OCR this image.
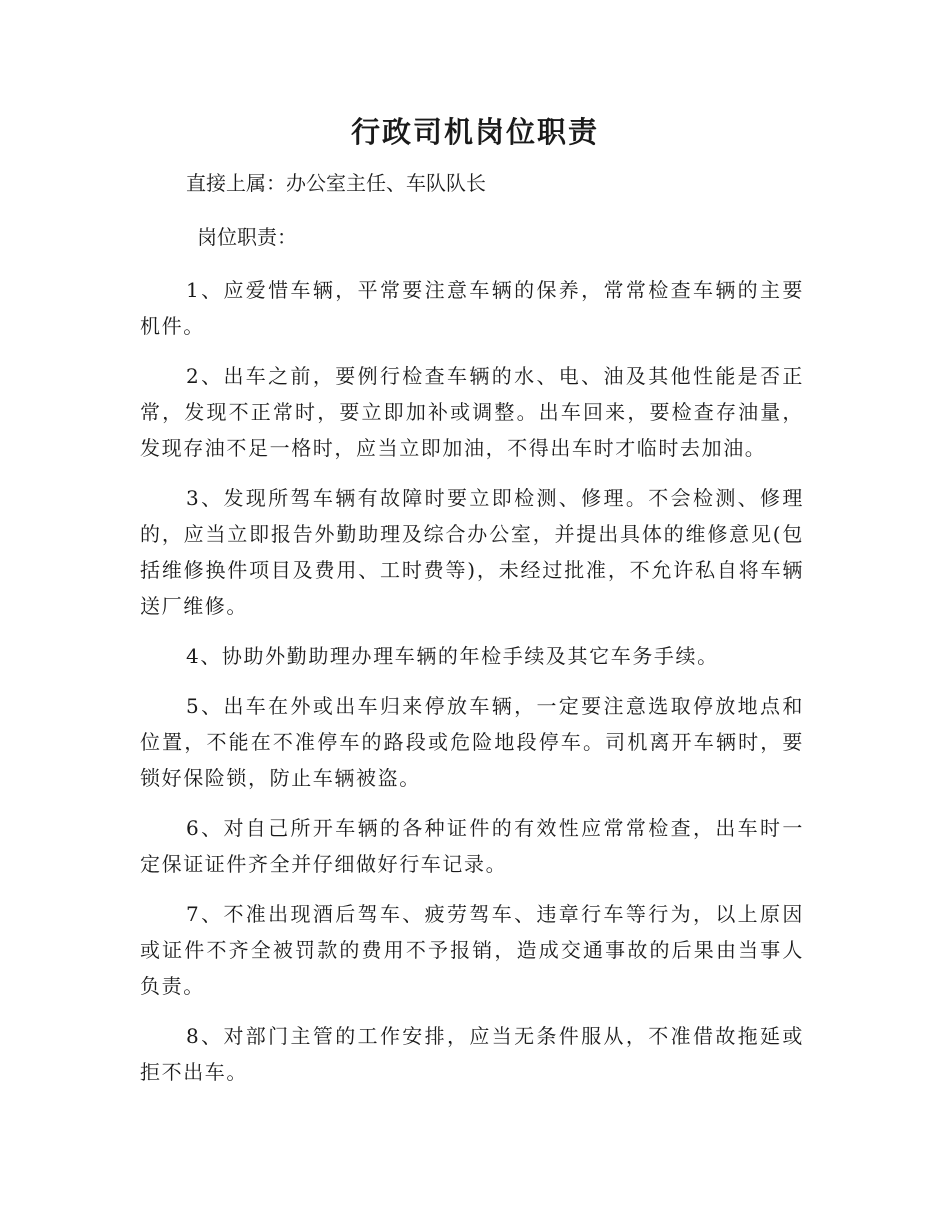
行政司机岗位职责

直接上属：办公室主任、车队队长

岗位职责：

1、应爱惜车辆，平常要注意车辆的保养，常常检查车辆的主要机件。
2、出车之前，要例行检查车辆的水、电、油及其他性能是否正常，发现不正常时，要立即加补或调整。出车回来，要检查存油量，发现存油不足一格时，应当立即加油，不得出车时才临时去加油。
3、发现所驾车辆有故障时要立即检测、修理。不会检测、修理的，应当立即报告外勤助理及综合办公室，并提出具体的维修意见(包括维修换件项目及费用、工时费等)，未经过批准，不允许私自将车辆送厂维修。
4、协助外勤助理办理车辆的年检手续及其它车务手续。
5、出车在外或出车归来停放车辆，一定要注意选取停放地点和位置，不能在不准停车的路段或危险地段停车。司机离开车辆时，要锁好保险锁，防止车辆被盗。
6、对自己所开车辆的各种证件的有效性应常常检查，出车时一定保证证件齐全并仔细做好行车记录。
7、不准出现酒后驾车、疲劳驾车、违章行车等行为，以上原因或证件不齐全被罚款的费用不予报销，造成交通事故的后果由当事人负责。
8、对部门主管的工作安排，应当无条件服从，不准借故拖延或拒不出车。
